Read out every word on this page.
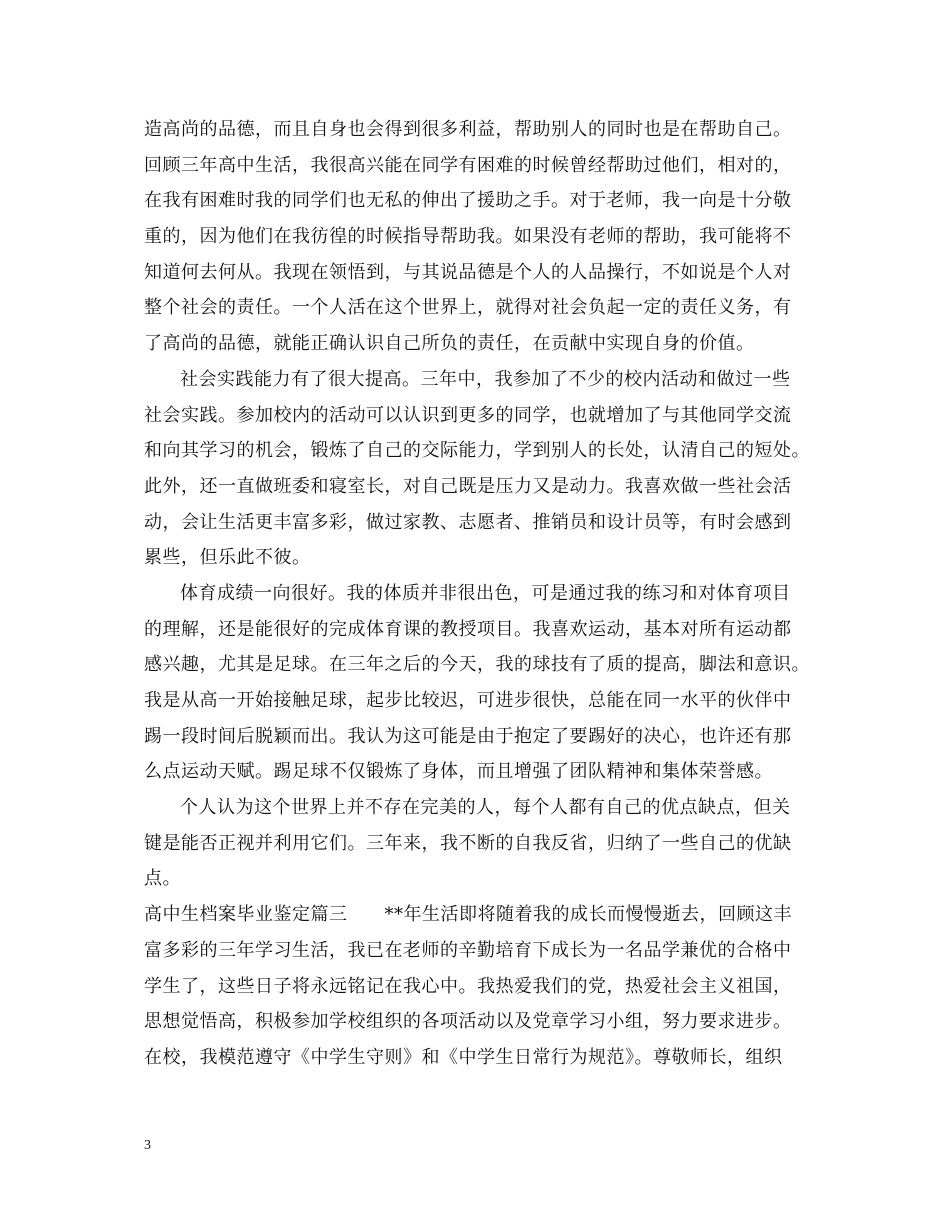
造高尚的品德，而且自身也会得到很多利益，帮助别人的同时也是在帮助自己。
回顾三年高中生活，我很高兴能在同学有困难的时候曾经帮助过他们，相对的，
在我有困难时我的同学们也无私的伸出了援助之手。对于老师，我一向是十分敬
重的，因为他们在我彷徨的时候指导帮助我。如果没有老师的帮助，我可能将不
知道何去何从。我现在领悟到，与其说品德是个人的人品操行，不如说是个人对
整个社会的责任。一个人活在这个世界上，就得对社会负起一定的责任义务，有
了高尚的品德，就能正确认识自己所负的责任，在贡献中实现自身的价值。
社会实践能力有了很大提高。三年中，我参加了不少的校内活动和做过一些
社会实践。参加校内的活动可以认识到更多的同学，也就增加了与其他同学交流
和向其学习的机会，锻炼了自己的交际能力，学到别人的长处，认清自己的短处。
此外，还一直做班委和寝室长，对自己既是压力又是动力。我喜欢做一些社会活
动，会让生活更丰富多彩，做过家教、志愿者、推销员和设计员等，有时会感到
累些，但乐此不彼。
体育成绩一向很好。我的体质并非很出色，可是通过我的练习和对体育项目
的理解，还是能很好的完成体育课的教授项目。我喜欢运动，基本对所有运动都
感兴趣，尤其是足球。在三年之后的今天，我的球技有了质的提高，脚法和意识。
我是从高一开始接触足球，起步比较迟，可进步很快，总能在同一水平的伙伴中
踢一段时间后脱颖而出。我认为这可能是由于抱定了要踢好的决心，也许还有那
么点运动天赋。踢足球不仅锻炼了身体，而且增强了团队精神和集体荣誉感。
个人认为这个世界上并不存在完美的人，每个人都有自己的优点缺点，但关
键是能否正视并利用它们。三年来，我不断的自我反省，归纳了一些自己的优缺
点。
高中生档案毕业鉴定篇三　　**年生活即将随着我的成长而慢慢逝去，回顾这丰
富多彩的三年学习生活，我已在老师的辛勤培育下成长为一名品学兼优的合格中
学生了，这些日子将永远铭记在我心中。我热爱我们的党，热爱社会主义祖国，
思想觉悟高，积极参加学校组织的各项活动以及党章学习小组，努力要求进步。
在校，我模范遵守《中学生守则》和《中学生日常行为规范》。尊敬师长，组织
3
